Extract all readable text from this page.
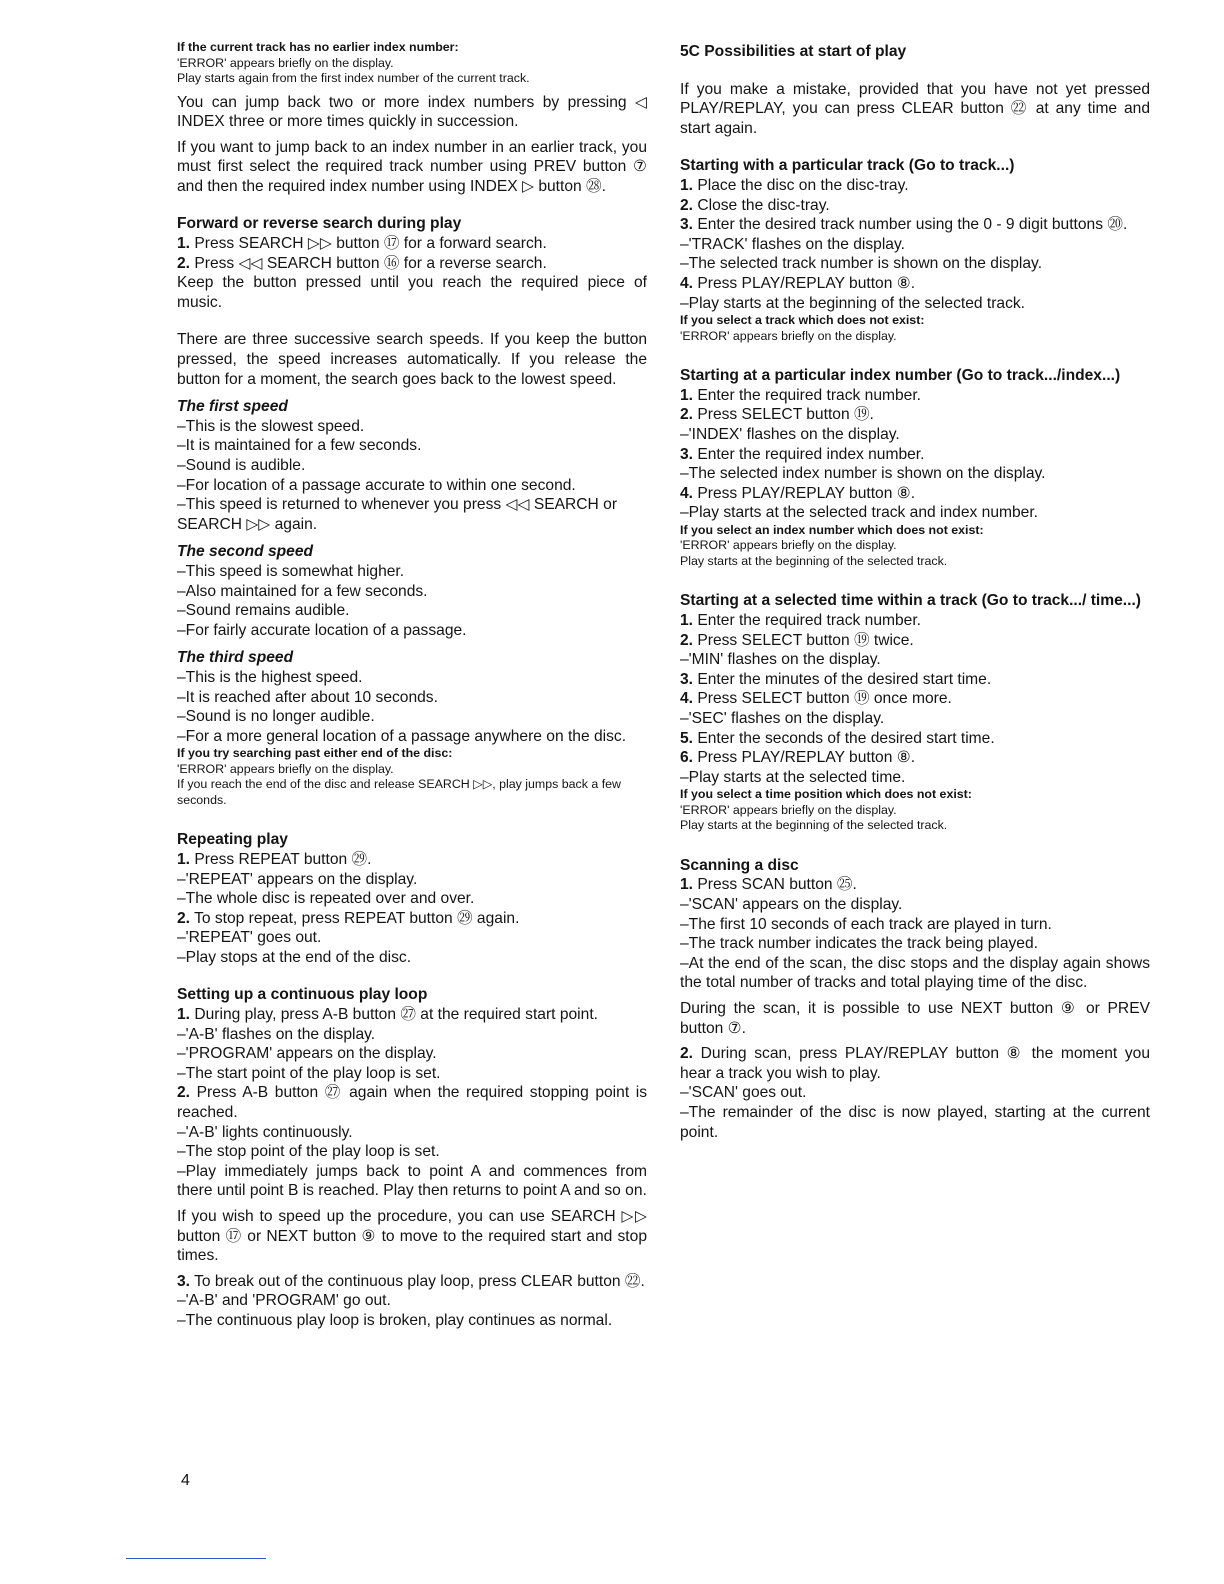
If the current track has no earlier index number:
'ERROR' appears briefly on the display.
Play starts again from the first index number of the current track.
You can jump back two or more index numbers by pressing ◁ INDEX three or more times quickly in succession.
If you want to jump back to an index number in an earlier track, you must first select the required track number using PREV button ⑦ and then the required index number using INDEX ▷ button ㉘.
Forward or reverse search during play
1. Press SEARCH ▷▷ button ⑰ for a forward search.
2. Press ◁◁ SEARCH button ⑯ for a reverse search.
Keep the button pressed until you reach the required piece of music.
There are three successive search speeds. If you keep the button pressed, the speed increases automatically. If you release the button for a moment, the search goes back to the lowest speed.
The first speed
–This is the slowest speed.
–It is maintained for a few seconds.
–Sound is audible.
–For location of a passage accurate to within one second.
–This speed is returned to whenever you press ◁◁ SEARCH or SEARCH ▷▷ again.
The second speed
–This speed is somewhat higher.
–Also maintained for a few seconds.
–Sound remains audible.
–For fairly accurate location of a passage.
The third speed
–This is the highest speed.
–It is reached after about 10 seconds.
–Sound is no longer audible.
–For a more general location of a passage anywhere on the disc.
If you try searching past either end of the disc:
'ERROR' appears briefly on the display.
If you reach the end of the disc and release SEARCH ▷▷, play jumps back a few seconds.
Repeating play
1. Press REPEAT button ㉙.
–'REPEAT' appears on the display.
–The whole disc is repeated over and over.
2. To stop repeat, press REPEAT button ㉙ again.
–'REPEAT' goes out.
–Play stops at the end of the disc.
Setting up a continuous play loop
1. During play, press A-B button ㉗ at the required start point.
–'A-B' flashes on the display.
–'PROGRAM' appears on the display.
–The start point of the play loop is set.
2. Press A-B button ㉗ again when the required stopping point is reached.
–'A-B' lights continuously.
–The stop point of the play loop is set.
–Play immediately jumps back to point A and commences from there until point B is reached. Play then returns to point A and so on.
If you wish to speed up the procedure, you can use SEARCH ▷▷ button ⑰ or NEXT button ⑨ to move to the required start and stop times.
3. To break out of the continuous play loop, press CLEAR button ㉒.
–'A-B' and 'PROGRAM' go out.
–The continuous play loop is broken, play continues as normal.
5C Possibilities at start of play
If you make a mistake, provided that you have not yet pressed PLAY/REPLAY, you can press CLEAR button ㉒ at any time and start again.
Starting with a particular track (Go to track...)
1. Place the disc on the disc-tray.
2. Close the disc-tray.
3. Enter the desired track number using the 0 - 9 digit buttons ⑳.
–'TRACK' flashes on the display.
–The selected track number is shown on the display.
4. Press PLAY/REPLAY button ⑧.
–Play starts at the beginning of the selected track.
If you select a track which does not exist:
'ERROR' appears briefly on the display.
Starting at a particular index number (Go to track.../index...)
1. Enter the required track number.
2. Press SELECT button ⑲.
–'INDEX' flashes on the display.
3. Enter the required index number.
–The selected index number is shown on the display.
4. Press PLAY/REPLAY button ⑧.
–Play starts at the selected track and index number.
If you select an index number which does not exist:
'ERROR' appears briefly on the display.
Play starts at the beginning of the selected track.
Starting at a selected time within a track (Go to track.../ time...)
1. Enter the required track number.
2. Press SELECT button ⑲ twice.
–'MIN' flashes on the display.
3. Enter the minutes of the desired start time.
4. Press SELECT button ⑲ once more.
–'SEC' flashes on the display.
5. Enter the seconds of the desired start time.
6. Press PLAY/REPLAY button ⑧.
–Play starts at the selected time.
If you select a time position which does not exist:
'ERROR' appears briefly on the display.
Play starts at the beginning of the selected track.
Scanning a disc
1. Press SCAN button ㉕.
–'SCAN' appears on the display.
–The first 10 seconds of each track are played in turn.
–The track number indicates the track being played.
–At the end of the scan, the disc stops and the display again shows the total number of tracks and total playing time of the disc.
During the scan, it is possible to use NEXT button ⑨ or PREV button ⑦.
2. During scan, press PLAY/REPLAY button ⑧ the moment you hear a track you wish to play.
–'SCAN' goes out.
–The remainder of the disc is now played, starting at the current point.
4
